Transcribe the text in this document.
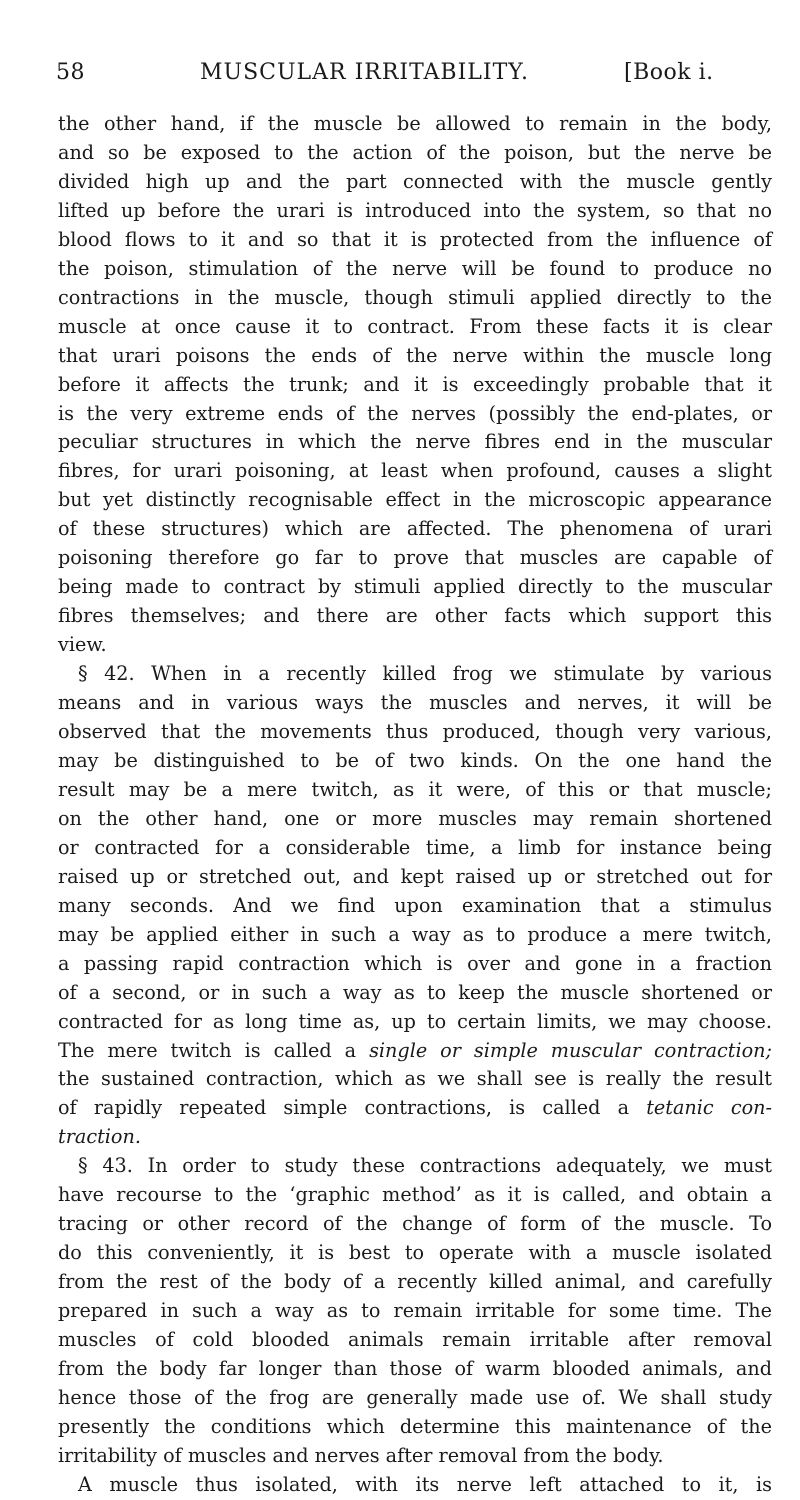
58	MUSCULAR IRRITABILITY.	[Book i.
the other hand, if the muscle be allowed to remain in the body,
and so be exposed to the action of the poison, but the nerve be
divided high up and the part connected with the muscle gently
lifted up before the urari is introduced into the system, so that no
blood flows to it and so that it is protected from the influence of
the poison, stimulation of the nerve will be found to produce no
contractions in the muscle, though stimuli applied directly to the
muscle at once cause it to contract. From these facts it is clear
that urari poisons the ends of the nerve within the muscle long
before it affects the trunk; and it is exceedingly probable that it
is the very extreme ends of the nerves (possibly the end-plates, or
peculiar structures in which the nerve fibres end in the muscular
fibres, for urari poisoning, at least when profound, causes a slight
but yet distinctly recognisable effect in the microscopic appearance
of these structures) which are affected. The phenomena of urari
poisoning therefore go far to prove that muscles are capable of
being made to contract by stimuli applied directly to the muscular
fibres themselves; and there are other facts which support this
view.
§ 42. When in a recently killed frog we stimulate by various
means and in various ways the muscles and nerves, it will be
observed that the movements thus produced, though very various,
may be distinguished to be of two kinds. On the one hand the
result may be a mere twitch, as it were, of this or that muscle;
on the other hand, one or more muscles may remain shortened
or contracted for a considerable time, a limb for instance being
raised up or stretched out, and kept raised up or stretched out for
many seconds. And we find upon examination that a stimulus
may be applied either in such a way as to produce a mere twitch,
a passing rapid contraction which is over and gone in a fraction
of a second, or in such a way as to keep the muscle shortened or
contracted for as long time as, up to certain limits, we may choose.
The mere twitch is called a single or simple muscular contraction;
the sustained contraction, which as we shall see is really the result
of rapidly repeated simple contractions, is called a tetanic con-
traction.
§ 43. In order to study these contractions adequately, we must
have recourse to the ‘graphic method’ as it is called, and obtain a
tracing or other record of the change of form of the muscle. To
do this conveniently, it is best to operate with a muscle isolated
from the rest of the body of a recently killed animal, and carefully
prepared in such a way as to remain irritable for some time. The
muscles of cold blooded animals remain irritable after removal
from the body far longer than those of warm blooded animals, and
hence those of the frog are generally made use of. We shall study
presently the conditions which determine this maintenance of the
irritability of muscles and nerves after removal from the body.
A muscle thus isolated, with its nerve left attached to it, is
